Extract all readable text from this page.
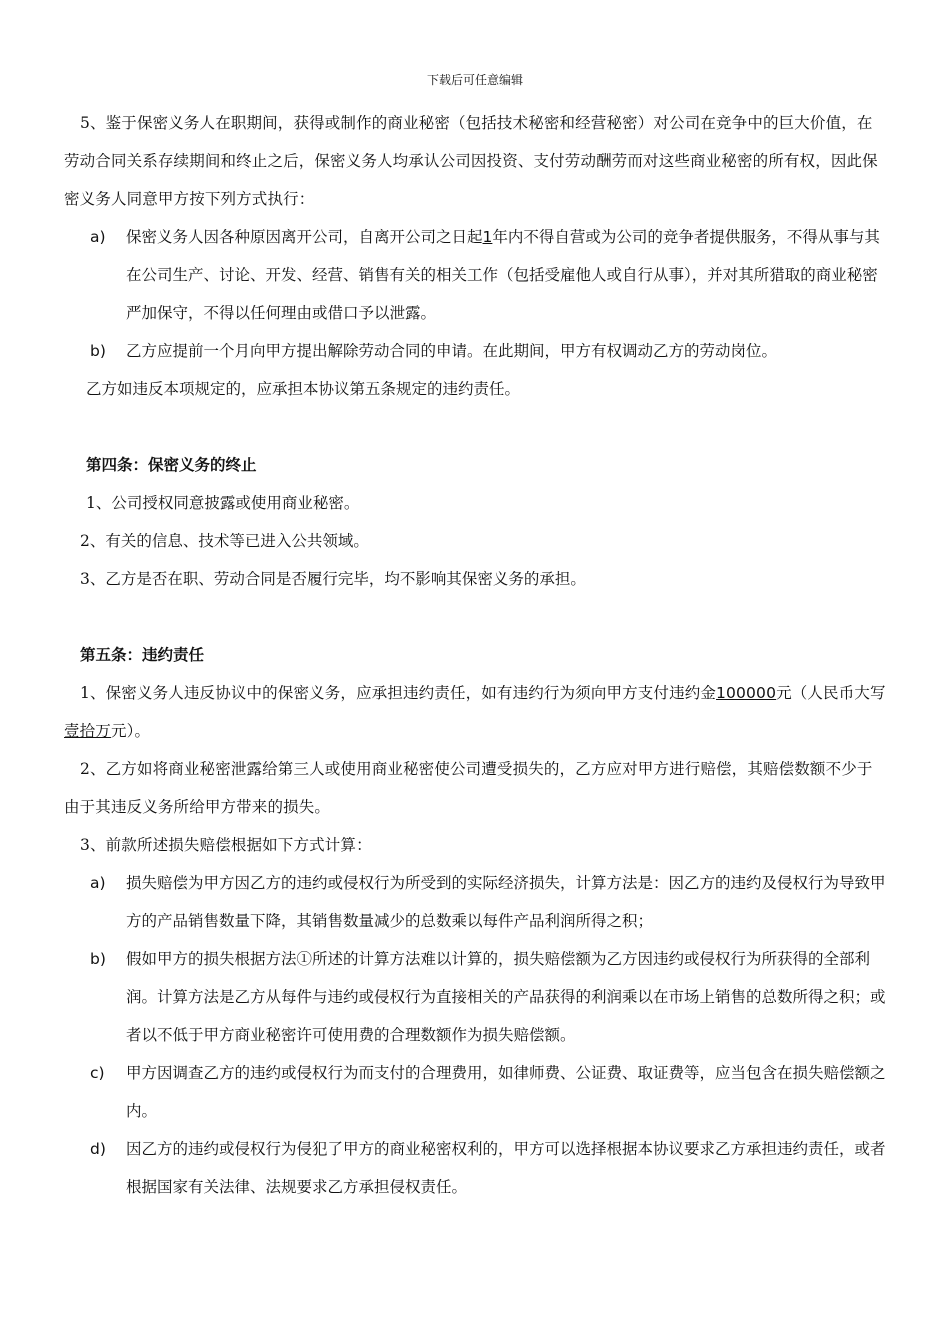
下载后可任意编辑

5、鉴于保密义务人在职期间，获得或制作的商业秘密（包括技术秘密和经营秘密）对公司在竞争中的巨大价值，在劳动合同关系存续期间和终止之后，保密义务人均承认公司因投资、支付劳动酬劳而对这些商业秘密的所有权，因此保密义务人同意甲方按下列方式执行：

a)	保密义务人因各种原因离开公司，自离开公司之日起1年内不得自营或为公司的竞争者提供服务，不得从事与其在公司生产、讨论、开发、经营、销售有关的相关工作（包括受雇他人或自行从事），并对其所猎取的商业秘密严加保守，不得以任何理由或借口予以泄露。
b)	乙方应提前一个月向甲方提出解除劳动合同的申请。在此期间，甲方有权调动乙方的劳动岗位。

乙方如违反本项规定的，应承担本协议第五条规定的违约责任。

第四条：保密义务的终止

1、公司授权同意披露或使用商业秘密。

2、有关的信息、技术等已进入公共领域。

3、乙方是否在职、劳动合同是否履行完毕，均不影响其保密义务的承担。

第五条：违约责任

1、保密义务人违反协议中的保密义务，应承担违约责任，如有违约行为须向甲方支付违约金100000元（人民币大写壹拾万元）。

2、乙方如将商业秘密泄露给第三人或使用商业秘密使公司遭受损失的，乙方应对甲方进行赔偿，其赔偿数额不少于由于其违反义务所给甲方带来的损失。

3、前款所述损失赔偿根据如下方式计算：

a)	损失赔偿为甲方因乙方的违约或侵权行为所受到的实际经济损失，计算方法是：因乙方的违约及侵权行为导致甲方的产品销售数量下降，其销售数量减少的总数乘以每件产品利润所得之积；
b)	假如甲方的损失根据方法①所述的计算方法难以计算的，损失赔偿额为乙方因违约或侵权行为所获得的全部利润。计算方法是乙方从每件与违约或侵权行为直接相关的产品获得的利润乘以在市场上销售的总数所得之积；或者以不低于甲方商业秘密许可使用费的合理数额作为损失赔偿额。
c)	甲方因调查乙方的违约或侵权行为而支付的合理费用，如律师费、公证费、取证费等，应当包含在损失赔偿额之内。
d)	因乙方的违约或侵权行为侵犯了甲方的商业秘密权利的，甲方可以选择根据本协议要求乙方承担违约责任，或者根据国家有关法律、法规要求乙方承担侵权责任。
